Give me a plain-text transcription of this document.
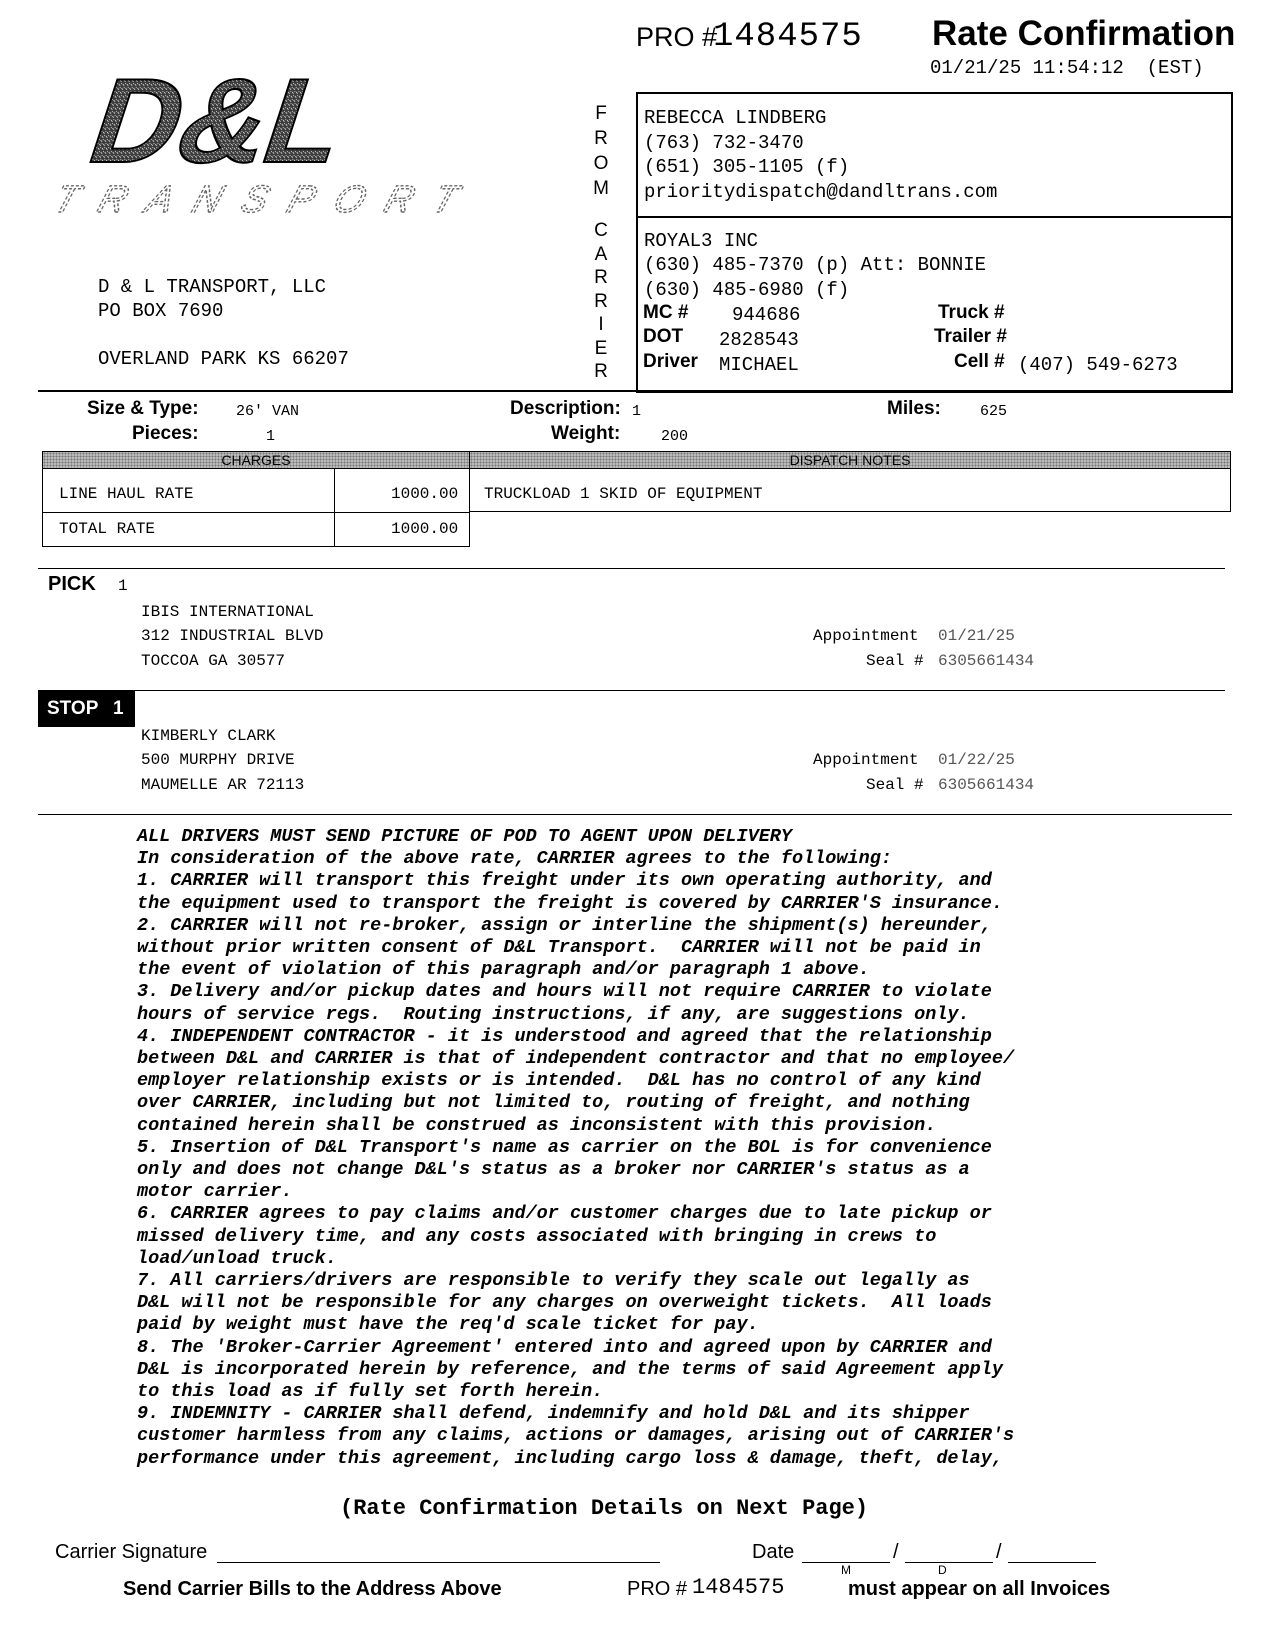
PRO #
1484575 Rate Confirmation
01/21/25 11:54:12  (EST)
D&L
TRANSPORT
D & L TRANSPORT, LLC
PO BOX 7690
OVERLAND PARK KS 66207
F
R
O
M
C
A
R
R
I
E
R
REBECCA LINDBERG
(763) 732-3470
(651) 305-1105 (f)
prioritydispatch@dandltrans.com
ROYAL3 INC
(630) 485-7370 (p) Att: BONNIE
(630) 485-6980 (f)
MC # 944686	Truck #
DOT 2828543	Trailer #
Driver MICHAEL	Cell # (407) 549-6273
Size & Type: 26' VAN
Pieces:	1
Description: 1
Weight:	200
Miles:	625
CHARGES
LINE HAUL RATE	1000.00
TOTAL RATE	1000.00
DISPATCH NOTES
TRUCKLOAD 1 SKID OF EQUIPMENT
PICK 1
IBIS INTERNATIONAL
312 INDUSTRIAL BLVD
TOCCOA GA 30577
Appointment 01/21/25
Seal # 6305661434
STOP 1
KIMBERLY CLARK
500 MURPHY DRIVE
MAUMELLE AR 72113
Appointment 01/22/25
Seal # 6305661434
ALL DRIVERS MUST SEND PICTURE OF POD TO AGENT UPON DELIVERY
In consideration of the above rate, CARRIER agrees to the following:
1. CARRIER will transport this freight under its own operating authority, and
the equipment used to transport the freight is covered by CARRIER'S insurance.
2. CARRIER will not re-broker, assign or interline the shipment(s) hereunder,
without prior written consent of D&L Transport.  CARRIER will not be paid in
the event of violation of this paragraph and/or paragraph 1 above.
3. Delivery and/or pickup dates and hours will not require CARRIER to violate
hours of service regs.  Routing instructions, if any, are suggestions only.
4. INDEPENDENT CONTRACTOR - it is understood and agreed that the relationship
between D&L and CARRIER is that of independent contractor and that no employee/
employer relationship exists or is intended.  D&L has no control of any kind
over CARRIER, including but not limited to, routing of freight, and nothing
contained herein shall be construed as inconsistent with this provision.
5. Insertion of D&L Transport's name as carrier on the BOL is for convenience
only and does not change D&L's status as a broker nor CARRIER's status as a
motor carrier.
6. CARRIER agrees to pay claims and/or customer charges due to late pickup or
missed delivery time, and any costs associated with bringing in crews to
load/unload truck.
7. All carriers/drivers are responsible to verify they scale out legally as
D&L will not be responsible for any charges on overweight tickets.  All loads
paid by weight must have the req'd scale ticket for pay.
8. The 'Broker-Carrier Agreement' entered into and agreed upon by CARRIER and
D&L is incorporated herein by reference, and the terms of said Agreement apply
to this load as if fully set forth herein.
9. INDEMNITY - CARRIER shall defend, indemnify and hold D&L and its shipper
customer harmless from any claims, actions or damages, arising out of CARRIER's
performance under this agreement, including cargo loss & damage, theft, delay,
(Rate Confirmation Details on Next Page)
Carrier Signature	Date	/	/
M	D
Send Carrier Bills to the Address Above	PRO # 1484575	must appear on all Invoices
